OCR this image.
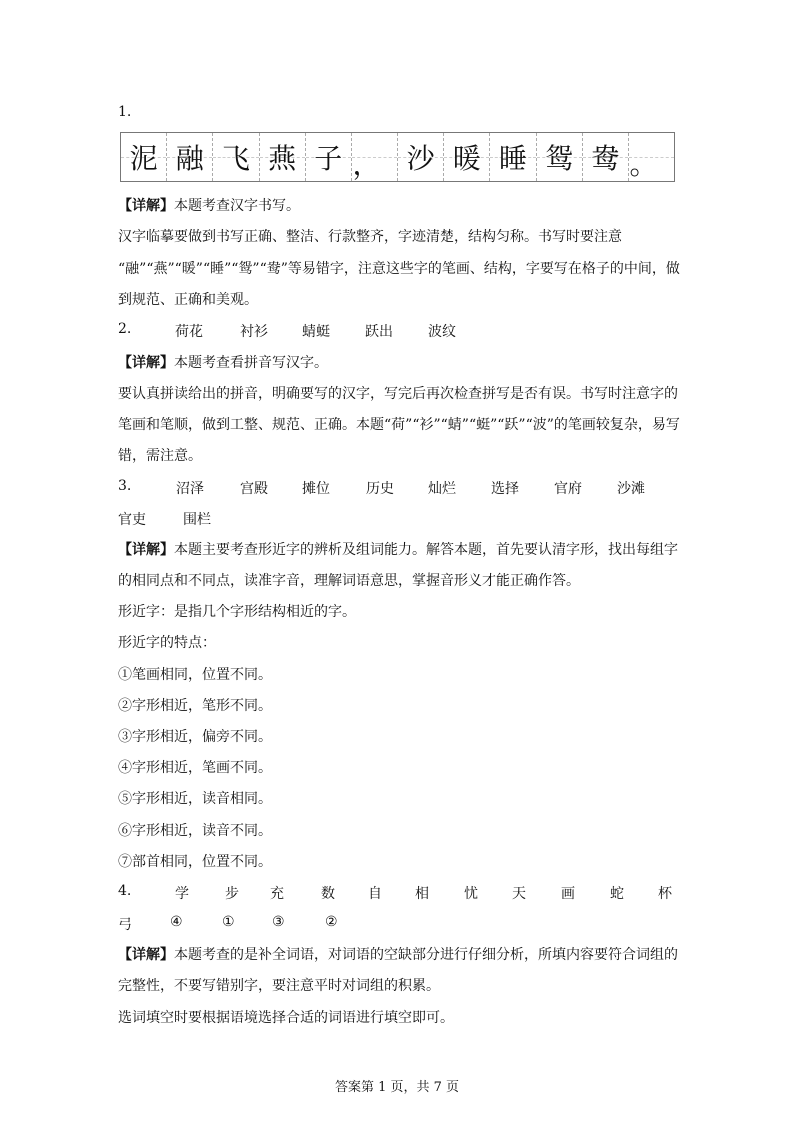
1.
泥 融 飞 燕 子 ， 沙 暖 睡 鸳 鸯 。
【详解】本题考查汉字书写。
汉字临摹要做到书写正确、整洁、行款整齐，字迹清楚，结构匀称。书写时要注意
“融”“燕”“暖”“睡”“鸳”“鸯”等易错字，注意这些字的笔画、结构，字要写在格子的中间，做
到规范、正确和美观。
2.	荷花	衬衫 蜻蜓	跃出	波纹
【详解】本题考查看拼音写汉字。
要认真拼读给出的拼音，明确要写的汉字，写完后再次检查拼写是否有误。书写时注意字的
笔画和笔顺，做到工整、规范、正确。本题“荷”“衫”“蜻”“蜓”“跃”“波”的笔画较复杂，易写
错，需注意。
3.	沼泽	宫殿 摊位	历史 灿烂	选择	官府	沙滩
官吏	围栏
【详解】本题主要考查形近字的辨析及组词能力。解答本题，首先要认清字形，找出每组字
的相同点和不同点，读准字音，理解词语意思，掌握音形义才能正确作答。
形近字：是指几个字形结构相近的字。
形近字的特点：
①笔画相同，位置不同。
②字形相近，笔形不同。
③字形相近，偏旁不同。
④字形相近，笔画不同。
⑤字形相近，读音相同。
⑥字形相近，读音不同。
⑦部首相同，位置不同。
4.	学	步 充	数 自 相	忧 天	画	蛇 杯
弓	④	①	③	②
【详解】本题考查的是补全词语，对词语的空缺部分进行仔细分析，所填内容要符合词组的
完整性，不要写错别字，要注意平时对词组的积累。
选词填空时要根据语境选择合适的词语进行填空即可。
答案第 1 页，共 7 页
